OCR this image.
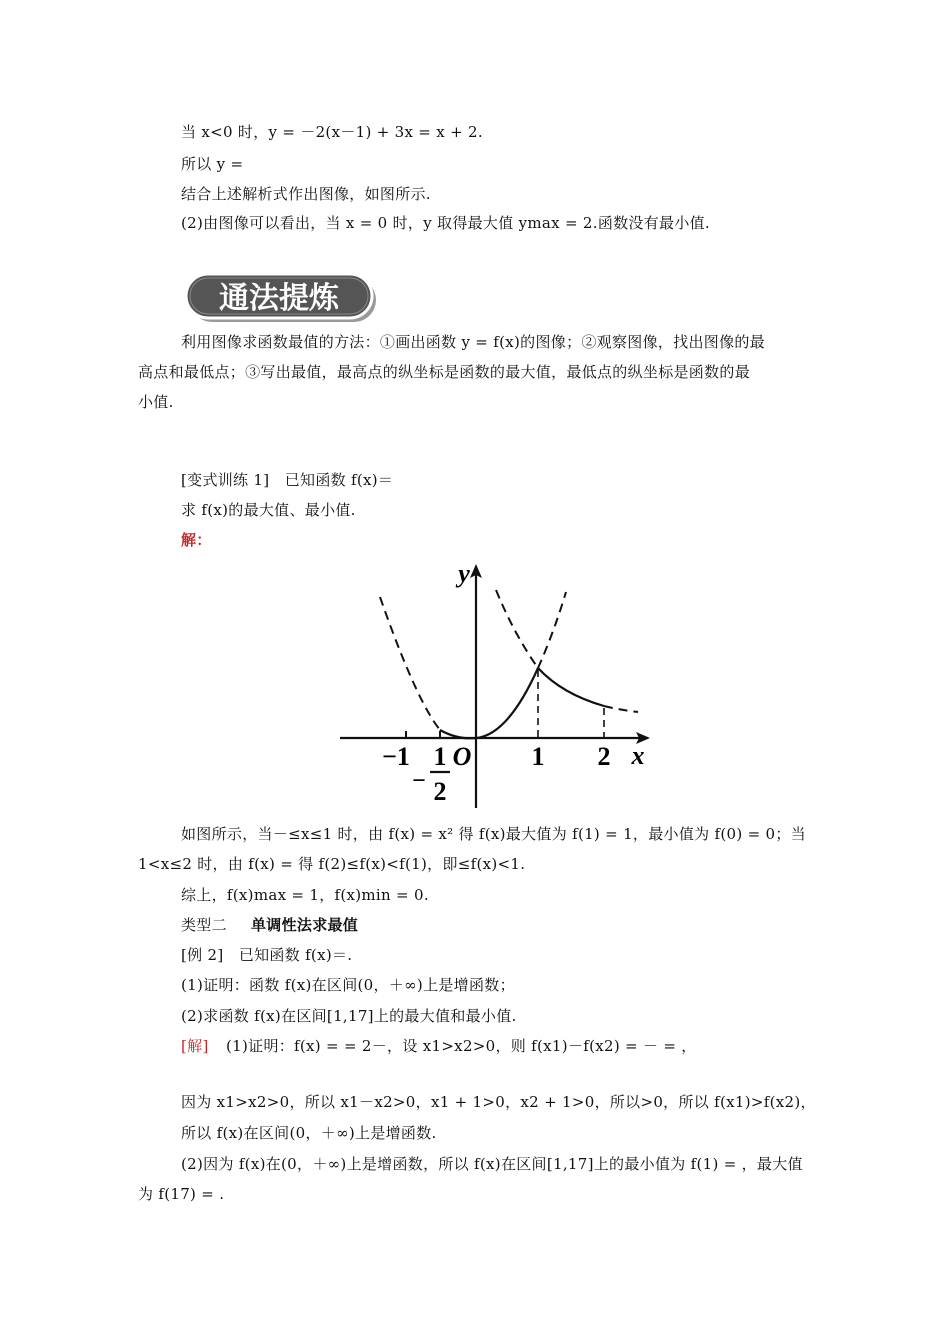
当 x<0 时，y = －2(x－1) + 3x = x + 2.
所以 y =
结合上述解析式作出图像，如图所示.
(2)由图像可以看出，当 x = 0 时，y 取得最大值 ymax = 2.函数没有最小值.
通法提炼
利用图像求函数最值的方法：①画出函数 y = f(x)的图像；②观察图像，找出图像的最
高点和最低点；③写出最值，最高点的纵坐标是函数的最大值，最低点的纵坐标是函数的最
小值.
[变式训练 1]　已知函数 f(x)＝
求 f(x)的最大值、最小值.
解：
y
x
O
−1
−
1
2
1 2
如图所示，当－≤x≤1 时，由 f(x) = x² 得 f(x)最大值为 f(1) = 1，最小值为 f(0) = 0；当
1<x≤2 时，由 f(x) = 得 f(2)≤f(x)<f(1)，即≤f(x)<1.
综上，f(x)max = 1，f(x)min = 0.
类型二 单调性法求最值
[例 2]　已知函数 f(x)＝.
(1)证明：函数 f(x)在区间(0，＋∞)上是增函数；
(2)求函数 f(x)在区间[1,17]上的最大值和最小值.
[解] (1)证明：f(x) = = 2－，设 x1>x2>0，则 f(x1)－f(x2) = － = ，
因为 x1>x2>0，所以 x1－x2>0，x1 + 1>0，x2 + 1>0，所以>0，所以 f(x1)>f(x2)，
所以 f(x)在区间(0，＋∞)上是增函数.
(2)因为 f(x)在(0，＋∞)上是增函数，所以 f(x)在区间[1,17]上的最小值为 f(1) = ，最大值
为 f(17) = .
